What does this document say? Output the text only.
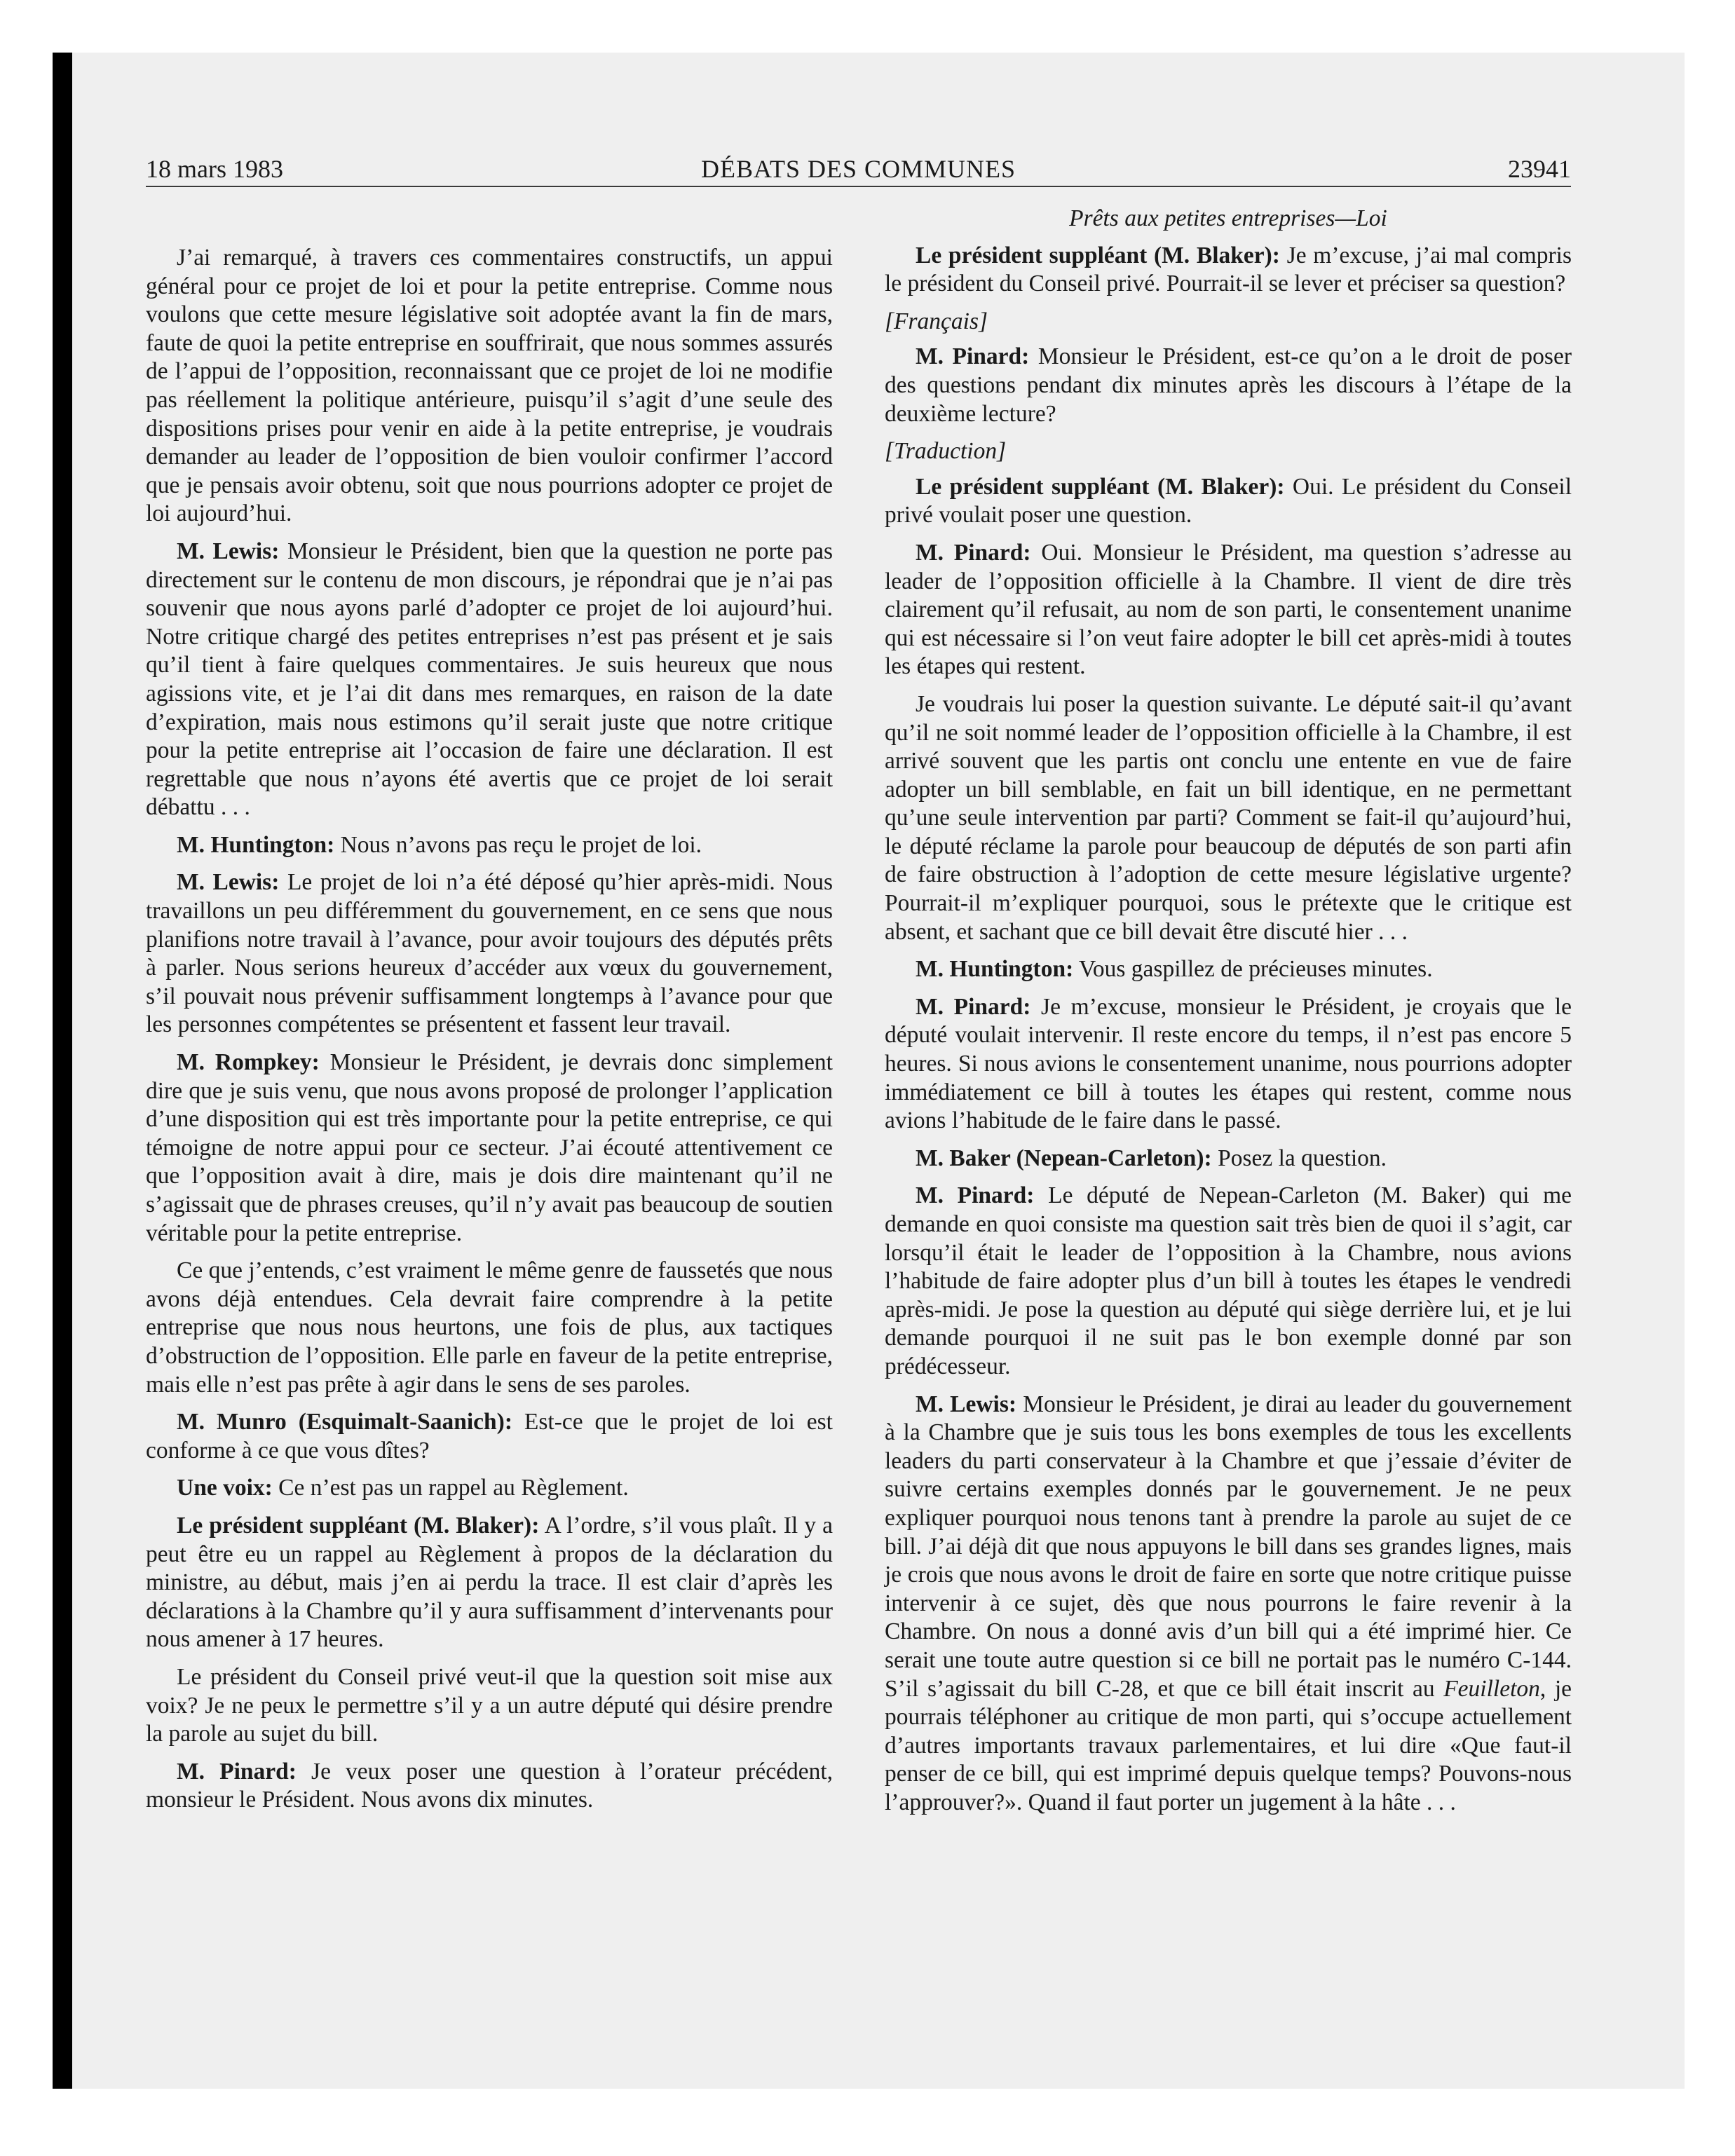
18 mars 1983	DÉBATS DES COMMUNES	23941

J’ai remarqué, à travers ces commentaires constructifs, un appui général pour ce projet de loi et pour la petite entreprise. Comme nous voulons que cette mesure législative soit adoptée avant la fin de mars, faute de quoi la petite entreprise en souffrirait, que nous sommes assurés de l’appui de l’opposition, reconnaissant que ce projet de loi ne modifie pas réellement la politique antérieure, puisqu’il s’agit d’une seule des dispositions prises pour venir en aide à la petite entreprise, je voudrais demander au leader de l’opposition de bien vouloir confirmer l’accord que je pensais avoir obtenu, soit que nous pourrions adopter ce projet de loi aujourd’hui.

M. Lewis: Monsieur le Président, bien que la question ne porte pas directement sur le contenu de mon discours, je répondrai que je n’ai pas souvenir que nous ayons parlé d’adopter ce projet de loi aujourd’hui. Notre critique chargé des petites entreprises n’est pas présent et je sais qu’il tient à faire quelques commentaires. Je suis heureux que nous agissions vite, et je l’ai dit dans mes remarques, en raison de la date d’expiration, mais nous estimons qu’il serait juste que notre critique pour la petite entreprise ait l’occasion de faire une déclaration. Il est regrettable que nous n’ayons été avertis que ce projet de loi serait débattu . . .

M. Huntington: Nous n’avons pas reçu le projet de loi.

M. Lewis: Le projet de loi n’a été déposé qu’hier après-midi. Nous travaillons un peu différemment du gouvernement, en ce sens que nous planifions notre travail à l’avance, pour avoir toujours des députés prêts à parler. Nous serions heureux d’accéder aux vœux du gouvernement, s’il pouvait nous prévenir suffisamment longtemps à l’avance pour que les personnes compétentes se présentent et fassent leur travail.

M. Rompkey: Monsieur le Président, je devrais donc simplement dire que je suis venu, que nous avons proposé de prolonger l’application d’une disposition qui est très importante pour la petite entreprise, ce qui témoigne de notre appui pour ce secteur. J’ai écouté attentivement ce que l’opposition avait à dire, mais je dois dire maintenant qu’il ne s’agissait que de phrases creuses, qu’il n’y avait pas beaucoup de soutien véritable pour la petite entreprise.

Ce que j’entends, c’est vraiment le même genre de faussetés que nous avons déjà entendues. Cela devrait faire comprendre à la petite entreprise que nous nous heurtons, une fois de plus, aux tactiques d’obstruction de l’opposition. Elle parle en faveur de la petite entreprise, mais elle n’est pas prête à agir dans le sens de ses paroles.

M. Munro (Esquimalt-Saanich): Est-ce que le projet de loi est conforme à ce que vous dîtes?

Une voix: Ce n’est pas un rappel au Règlement.

Le président suppléant (M. Blaker): A l’ordre, s’il vous plaît. Il y a peut être eu un rappel au Règlement à propos de la déclaration du ministre, au début, mais j’en ai perdu la trace. Il est clair d’après les déclarations à la Chambre qu’il y aura suffisamment d’intervenants pour nous amener à 17 heures.

Le président du Conseil privé veut-il que la question soit mise aux voix? Je ne peux le permettre s’il y a un autre député qui désire prendre la parole au sujet du bill.

M. Pinard: Je veux poser une question à l’orateur précédent, monsieur le Président. Nous avons dix minutes.

Prêts aux petites entreprises—Loi

Le président suppléant (M. Blaker): Je m’excuse, j’ai mal compris le président du Conseil privé. Pourrait-il se lever et préciser sa question?

[Français]

M. Pinard: Monsieur le Président, est-ce qu’on a le droit de poser des questions pendant dix minutes après les discours à l’étape de la deuxième lecture?

[Traduction]

Le président suppléant (M. Blaker): Oui. Le président du Conseil privé voulait poser une question.

M. Pinard: Oui. Monsieur le Président, ma question s’adresse au leader de l’opposition officielle à la Chambre. Il vient de dire très clairement qu’il refusait, au nom de son parti, le consentement unanime qui est nécessaire si l’on veut faire adopter le bill cet après-midi à toutes les étapes qui restent.

Je voudrais lui poser la question suivante. Le député sait-il qu’avant qu’il ne soit nommé leader de l’opposition officielle à la Chambre, il est arrivé souvent que les partis ont conclu une entente en vue de faire adopter un bill semblable, en fait un bill identique, en ne permettant qu’une seule intervention par parti? Comment se fait-il qu’aujourd’hui, le député réclame la parole pour beaucoup de députés de son parti afin de faire obstruction à l’adoption de cette mesure législative urgente? Pourrait-il m’expliquer pourquoi, sous le prétexte que le critique est absent, et sachant que ce bill devait être discuté hier . . .

M. Huntington: Vous gaspillez de précieuses minutes.

M. Pinard: Je m’excuse, monsieur le Président, je croyais que le député voulait intervenir. Il reste encore du temps, il n’est pas encore 5 heures. Si nous avions le consentement unanime, nous pourrions adopter immédiatement ce bill à toutes les étapes qui restent, comme nous avions l’habitude de le faire dans le passé.

M. Baker (Nepean-Carleton): Posez la question.

M. Pinard: Le député de Nepean-Carleton (M. Baker) qui me demande en quoi consiste ma question sait très bien de quoi il s’agit, car lorsqu’il était le leader de l’opposition à la Chambre, nous avions l’habitude de faire adopter plus d’un bill à toutes les étapes le vendredi après-midi. Je pose la question au député qui siège derrière lui, et je lui demande pourquoi il ne suit pas le bon exemple donné par son prédécesseur.

M. Lewis: Monsieur le Président, je dirai au leader du gouvernement à la Chambre que je suis tous les bons exemples de tous les excellents leaders du parti conservateur à la Chambre et que j’essaie d’éviter de suivre certains exemples donnés par le gouvernement. Je ne peux expliquer pourquoi nous tenons tant à prendre la parole au sujet de ce bill. J’ai déjà dit que nous appuyons le bill dans ses grandes lignes, mais je crois que nous avons le droit de faire en sorte que notre critique puisse intervenir à ce sujet, dès que nous pourrons le faire revenir à la Chambre. On nous a donné avis d’un bill qui a été imprimé hier. Ce serait une toute autre question si ce bill ne portait pas le numéro C-144. S’il s’agissait du bill C-28, et que ce bill était inscrit au Feuilleton, je pourrais téléphoner au critique de mon parti, qui s’occupe actuellement d’autres importants travaux parlementaires, et lui dire «Que faut-il penser de ce bill, qui est imprimé depuis quelque temps? Pouvons-nous l’approuver?». Quand il faut porter un jugement à la hâte . . .
